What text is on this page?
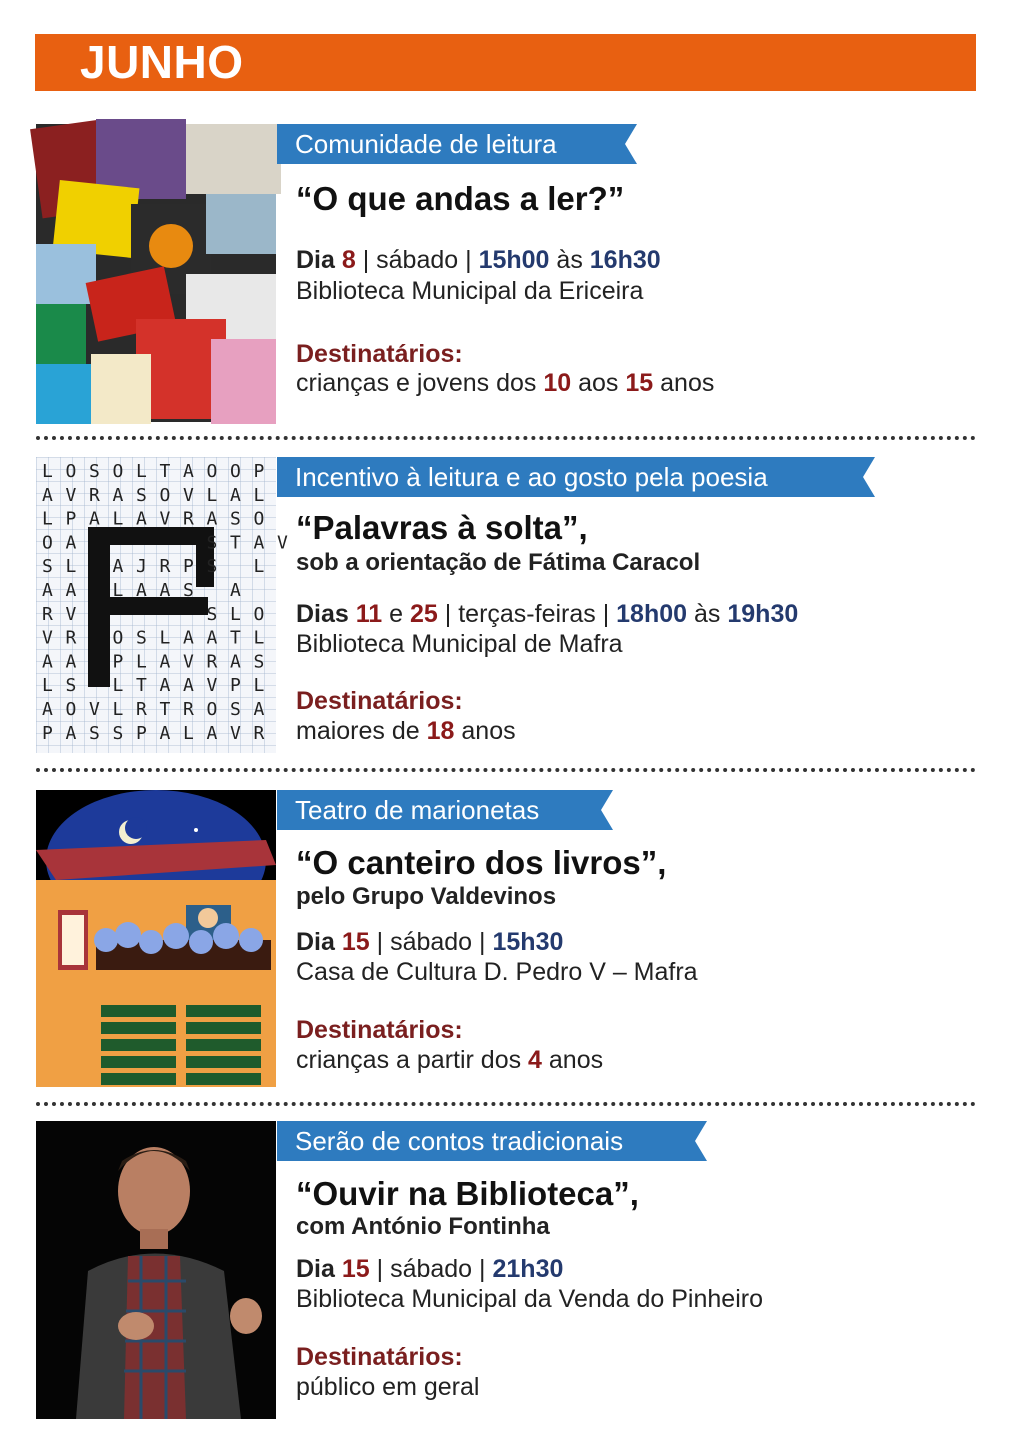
JUNHO
Comunidade de leitura
“O que andas a ler?”
Dia 8 | sábado | 15h00 às 16h30
Biblioteca Municipal da Ericeira
Destinatários:
crianças e jovens dos 10 aos 15 anos
L O S O L T A O O P
A V R A S O V L A L
L P A L A V R A S O
O A	S T A V
S L A J R P S L
A A L A A S A
R V	S L O
V R O S L A A T L
A A P L A V R A S
L S L T A A V P L
A O V L R T R O S A
P A S S P A L A V R
Incentivo à leitura e ao gosto pela poesia
“Palavras à solta”,
sob a orientação de Fátima Caracol
Dias 11 e 25 | terças-feiras | 18h00 às 19h30
Biblioteca Municipal de Mafra
Destinatários:
maiores de 18 anos
Teatro de marionetas
“O canteiro dos livros”,
pelo Grupo Valdevinos
Dia 15 | sábado | 15h30
Casa de Cultura D. Pedro V – Mafra
Destinatários:
crianças a partir dos 4 anos
Serão de contos tradicionais
“Ouvir na Biblioteca”,
com António Fontinha
Dia 15 | sábado | 21h30
Biblioteca Municipal da Venda do Pinheiro
Destinatários:
público em geral
